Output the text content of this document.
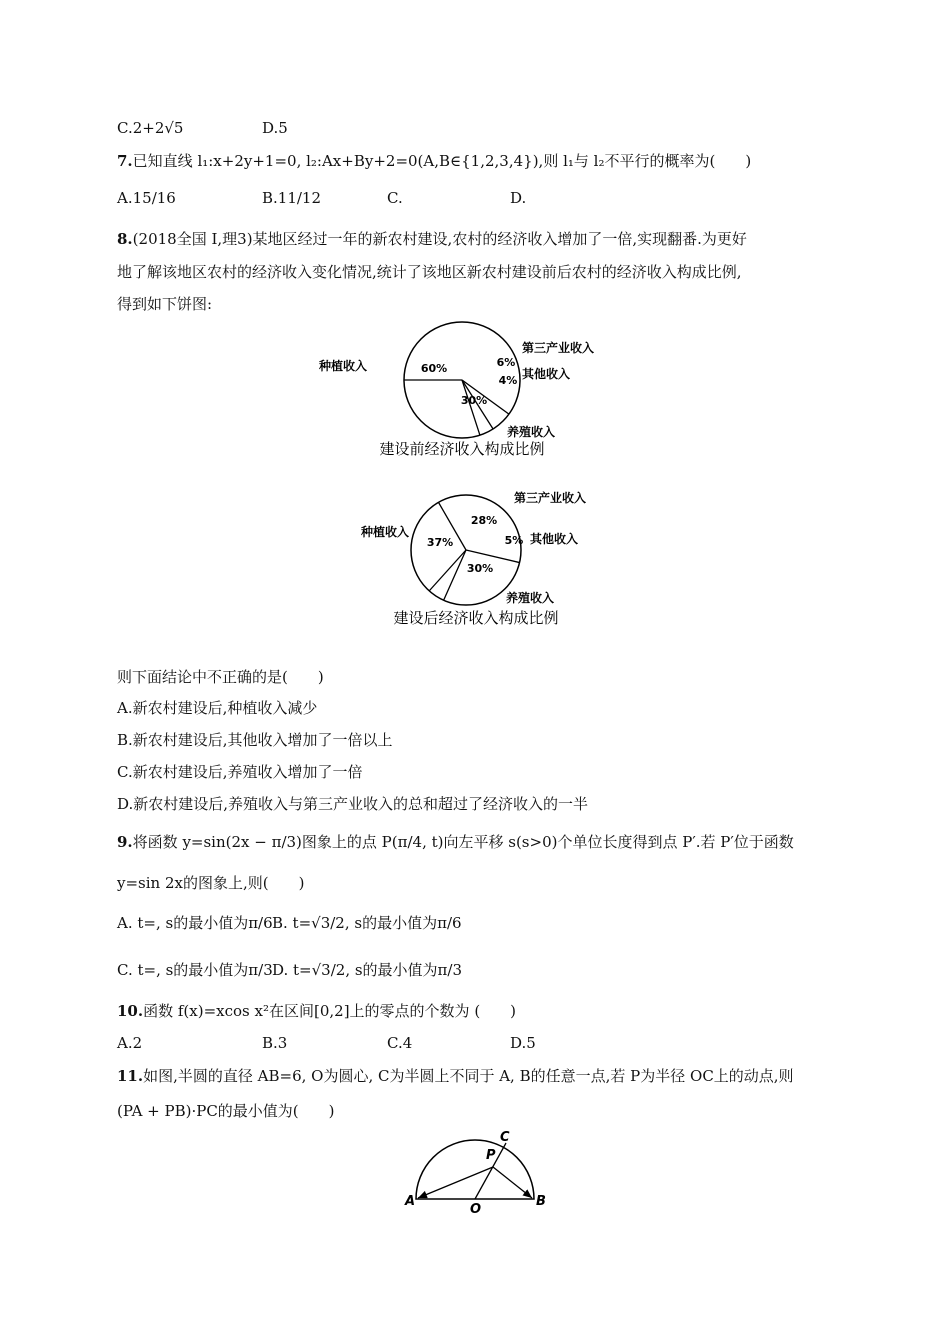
C.2+2√5	D.5
7.已知直线 l₁:x+2y+1=0, l₂:Ax+By+2=0(A,B∈{1,2,3,4}),则 l₁与 l₂不平行的概率为(　　)
A.15/16	B.11/12	C.	D.
8.(2018全国 Ⅰ,理3)某地区经过一年的新农村建设,农村的经济收入增加了一倍,实现翻番.为更好
地了解该地区农村的经济收入变化情况,统计了该地区新农村建设前后农村的经济收入构成比例,
得到如下饼图:
种植收入	60%
第三产业收入
6%
其他收入
4%
养殖收入
30%
建设前经济收入构成比例
种植收入
37%
第三产业收入
28%
其他收入
5%
养殖收入
30%
建设后经济收入构成比例
则下面结论中不正确的是(　　)
A.新农村建设后,种植收入减少
B.新农村建设后,其他收入增加了一倍以上
C.新农村建设后,养殖收入增加了一倍
D.新农村建设后,养殖收入与第三产业收入的总和超过了经济收入的一半
9.将函数 y=sin(2x − π/3)图象上的点 P(π/4, t)向左平移 s(s>0)个单位长度得到点 P′.若 P′位于函数
y=sin 2x的图象上,则(　　)
A. t=, s的最小值为π/6 B. t=√3/2, s的最小值为π/6
C. t=, s的最小值为π/3 D. t=√3/2, s的最小值为π/3
10.函数 f(x)=xcos x²在区间[0,2]上的零点的个数为 (　　)
A.2	B.3	C.4	D.5
11.如图,半圆的直径 AB=6, O为圆心, C为半圆上不同于 A, B的任意一点,若 P为半径 OC上的动点,则
(PA + PB)·PC的最小值为(　　)
A	B
O
C
P
